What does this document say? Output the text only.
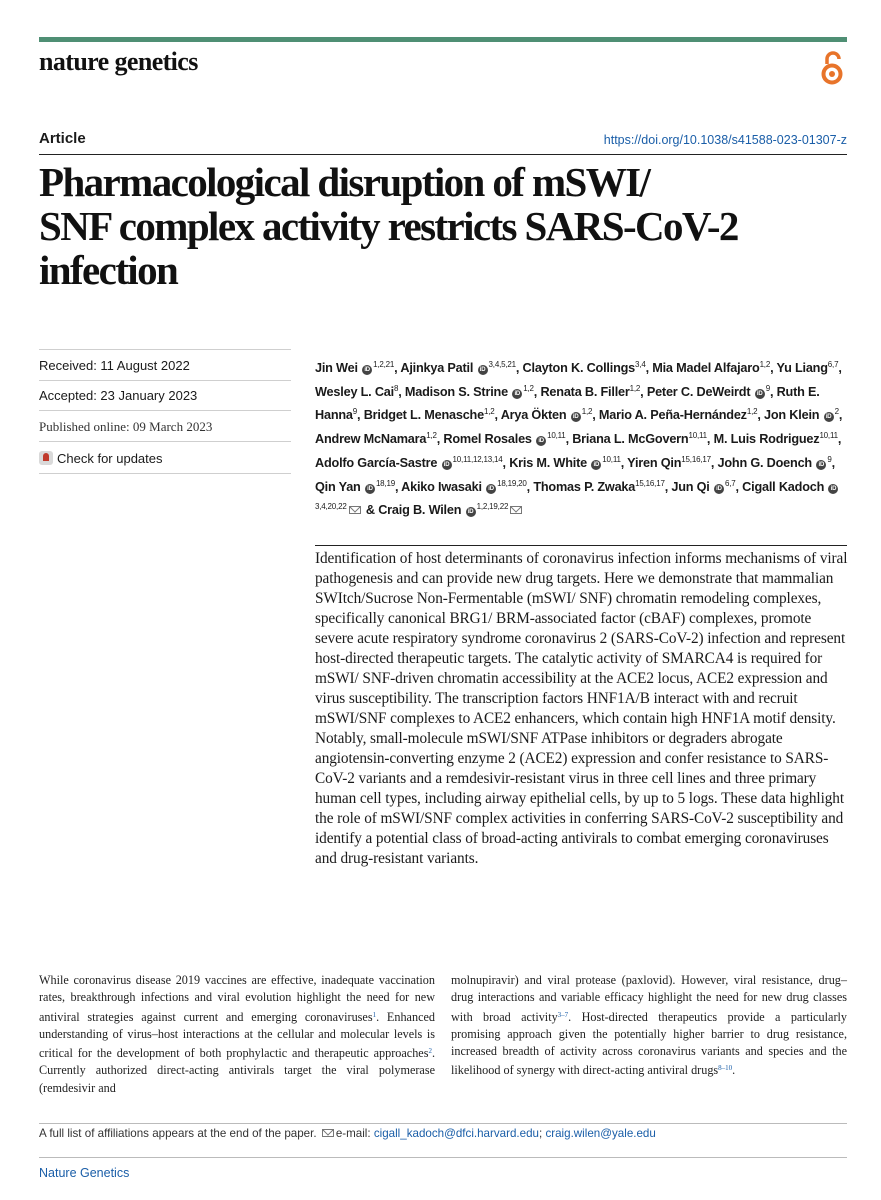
nature genetics
Article	https://doi.org/10.1038/s41588-023-01307-z
Pharmacological disruption of mSWI/
SNF complex activity restricts SARS-CoV-2
infection
Received: 11 August 2022
Accepted: 23 January 2023
Published online: 09 March 2023
Check for updates
Jin Wei iD$^{1,2,21}$, Ajinkya Patil iD$^{3,4,5,21}$, Clayton K. Collings$^{3,4}$, Mia Madel Alfajaro$^{1,2}$, Yu Liang$^{6,7}$, Wesley L. Cai$^8$, Madison S. Strine iD$^{1,2}$, Renata B. Filler$^{1,2}$, Peter C. DeWeirdt $iD^9$, Ruth E. Hanna$^9$, Bridget L. Menasche$^{1,2}$, Arya Ökten iD$^{1,2}$, Mario A. Peña-Hernández$^{1,2}$, Jon Klein $iD^2$, Andrew McNamara$^{1,2}$, Romel Rosales iD$^{10,11}$, Briana L. McGovern$^{10,11}$, M. Luis Rodriguez$^{10,11}$, Adolfo García-Sastre iD$^{10,11,12,13,14}$, Kris M. White iD$^{10,11}$, Yiren Qin$^{15,16,17}$, John G. Doench $iD^9$, Qin Yan iD$^{18,19}$, Akiko Iwasaki iD$^{18,19,20}$, Thomas P. Zwaka$^{15,16,17}$, Jun Qi iD$^{6,7}$, Cigall Kadoch iD$^{3,4,20,22}$ & Craig B. Wilen iD$^{1,2,19,22}$
Identification of host determinants of coronavirus infection informs mechanisms of viral pathogenesis and can provide new drug targets. Here we demonstrate that mammalian SWItch/Sucrose Non-Fermentable (mSWI/ SNF) chromatin remodeling complexes, specifically canonical BRG1/ BRM-associated factor (cBAF) complexes, promote severe acute respiratory syndrome coronavirus 2 (SARS-CoV-2) infection and represent host-directed therapeutic targets. The catalytic activity of SMARCA4 is required for mSWI/ SNF-driven chromatin accessibility at the ACE2 locus, ACE2 expression and virus susceptibility. The transcription factors HNF1A/B interact with and recruit mSWI/SNF complexes to ACE2 enhancers, which contain high HNF1A motif density. Notably, small-molecule mSWI/SNF ATPase inhibitors or degraders abrogate angiotensin-converting enzyme 2 (ACE2) expression and confer resistance to SARS-CoV-2 variants and a remdesivir-resistant virus in three cell lines and three primary human cell types, including airway epithelial cells, by up to 5 logs. These data highlight the role of mSWI/SNF complex activities in conferring SARS-CoV-2 susceptibility and identify a potential class of broad-acting antivirals to combat emerging coronaviruses and drug-resistant variants.
While coronavirus disease 2019 vaccines are effective, inadequate vaccination rates, breakthrough infections and viral evolution highlight the need for new antiviral strategies against current and emerging coronaviruses$^1$. Enhanced understanding of virus–host interactions at the cellular and molecular levels is critical for the development of both prophylactic and therapeutic approaches$^2$. Currently authorized direct-acting antivirals target the viral polymerase (remdesivir and
molnupiravir) and viral protease (paxlovid). However, viral resistance, drug–drug interactions and variable efficacy highlight the need for new drug classes with broad activity$^{3-7}$. Host-directed therapeutics provide a particularly promising approach given the potentially higher barrier to drug resistance, increased breadth of activity across coronavirus variants and species and the likelihood of synergy with direct-acting antiviral drugs$^{8-10}$.
A full list of affiliations appears at the end of the paper. e-mail: cigall_kadoch@dfci.harvard.edu; craig.wilen@yale.edu
Nature Genetics
